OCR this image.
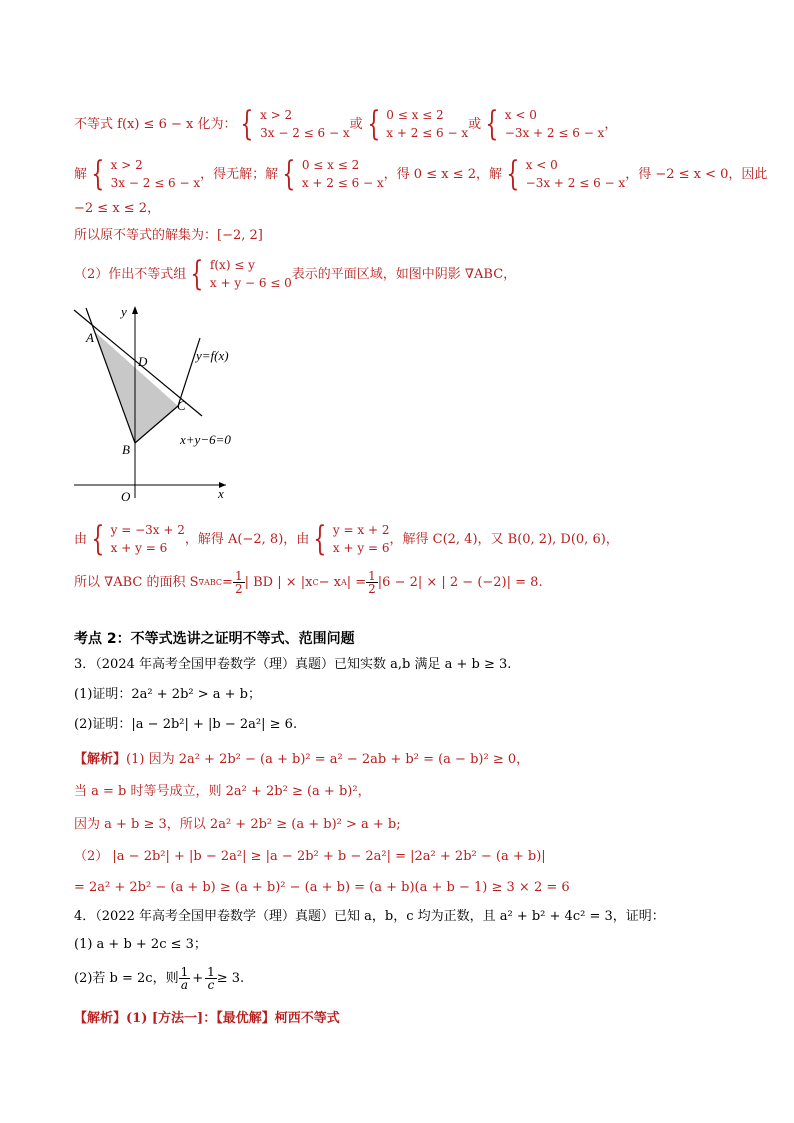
不等式 f(x) ≤ 6 − x 化为： { x > 2
3x − 2 ≤ 6 − x
或 { 0 ≤ x ≤ 2
x + 2 ≤ 6 − x
或 { x < 0
−3x + 2 ≤ 6 − x
，
解 { x > 2
3x − 2 ≤ 6 − x
，得无解；解 { 0 ≤ x ≤ 2
x + 2 ≤ 6 − x
，得 0 ≤ x ≤ 2，解 { x < 0
−3x + 2 ≤ 6 − x
，得 −2 ≤ x < 0，因此
−2 ≤ x ≤ 2，
所以原不等式的解集为：[−2, 2]
（2）作出不等式组 { f(x) ≤ y
x + y − 6 ≤ 0
表示的平面区域，如图中阴影 ∇ABC，
y
x
O
A
B
C
D	y=f(x)
x+y−6=0
由 { y = −3x + 2
x + y = 6
，解得 A(−2, 8)，由 { y = x + 2
x + y = 6
，解得 C(2, 4)，又 B(0, 2), D(0, 6)，
所以 ∇ABC 的面积 S $\nabla ABC = \frac{1}{2}$ | BD | × |x C − x A | = $\frac{1}{2} |6 - 2|$ × | 2 − (−2)| = 8.
考点 2：不等式选讲之证明不等式、范围问题
3．（2024 年高考全国甲卷数学（理）真题）已知实数 a,b 满足 a + b ≥ 3.
(1)证明：2a² + 2b² > a + b；
(2)证明：|a − 2b²| + |b − 2a²| ≥ 6.
【解析】(1) 因为 2a² + 2b² − (a + b)² = a² − 2ab + b² = (a − b)² ≥ 0，
当 a = b 时等号成立，则 2a² + 2b² ≥ (a + b)²，
因为 a + b ≥ 3，所以 2a² + 2b² ≥ (a + b)² > a + b;
（2） |a − 2b²| + |b − 2a²| ≥ |a − 2b² + b − 2a²| = |2a² + 2b² − (a + b)|
= 2a² + 2b² − (a + b) ≥ (a + b)² − (a + b) = (a + b)(a + b − 1) ≥ 3 × 2 = 6
4．（2022 年高考全国甲卷数学（理）真题）已知 a，b，c 均为正数，且 a² + b² + 4c² = 3，证明：
(1) a + b + 2c ≤ 3；
(2)若 b = 2c，则 $\frac{1}{a} + \frac{1}{c} \ge 3$.
【解析】(1) [方法一]：【最优解】柯西不等式
